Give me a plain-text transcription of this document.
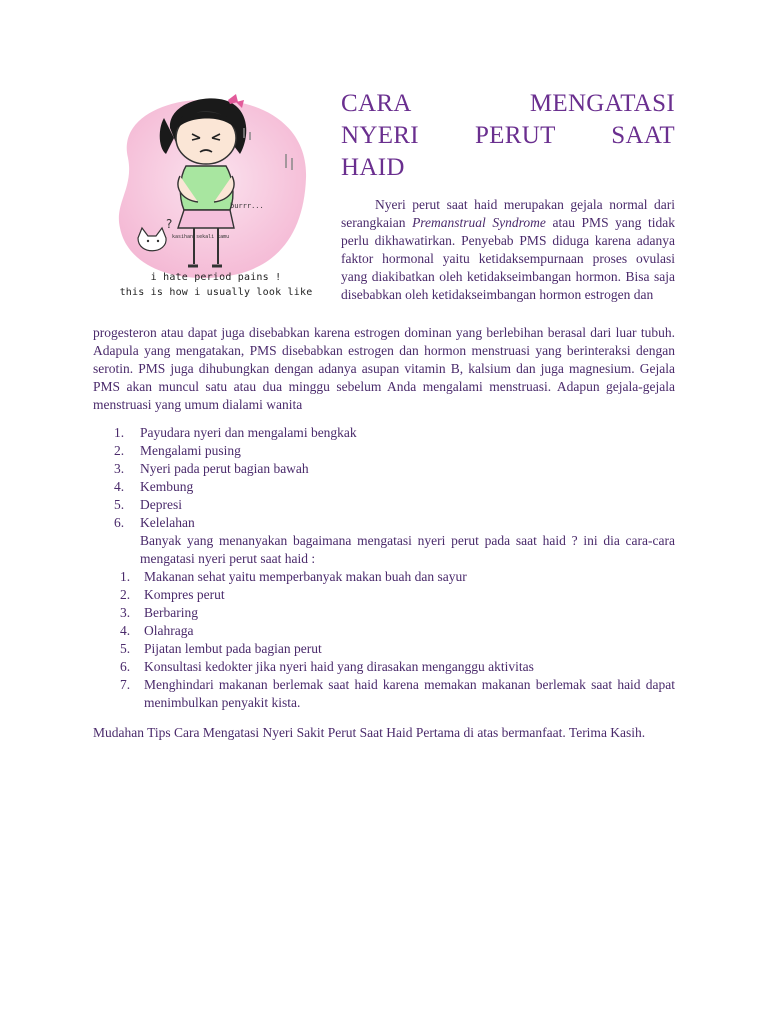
?
kasihan sekali kamu
burrr...
i hate period pains !
this is how i usually look like
CARA MENGATASI
NYERI PERUT SAAT
HAID

Nyeri perut saat haid merupakan gejala normal dari serangkaian Premanstrual Syndrome atau PMS yang tidak perlu dikhawatirkan. Penyebab PMS diduga karena adanya faktor hormonal yaitu ketidaksempurnaan proses ovulasi yang diakibatkan oleh ketidakseimbangan hormon. Bisa saja disebabkan oleh ketidakseimbangan hormon estrogen dan

progesteron atau dapat juga disebabkan karena estrogen dominan yang berlebihan berasal dari luar tubuh. Adapula yang mengatakan, PMS disebabkan estrogen dan hormon menstruasi yang berinteraksi dengan serotin. PMS juga dihubungkan dengan adanya asupan vitamin B, kalsium dan juga magnesium. Gejala PMS akan muncul satu atau dua minggu sebelum Anda mengalami menstruasi. Adapun gejala-gejala menstruasi yang umum dialami wanita

1. Payudara nyeri dan mengalami bengkak
2. Mengalami pusing
3. Nyeri pada perut bagian bawah
4. Kembung
5. Depresi
6. Kelelahan
Banyak yang menanyakan bagaimana mengatasi nyeri perut pada saat haid ? ini dia cara-cara mengatasi nyeri perut saat haid :
1. Makanan sehat yaitu memperbanyak makan buah dan sayur
2. Kompres perut
3. Berbaring
4. Olahraga
5. Pijatan lembut pada bagian perut
6. Konsultasi kedokter jika nyeri haid yang dirasakan menganggu aktivitas
7. Menghindari makanan berlemak saat haid karena memakan makanan berlemak saat haid dapat menimbulkan penyakit kista.
Mudahan Tips Cara Mengatasi Nyeri Sakit Perut Saat Haid Pertama di atas bermanfaat. Terima Kasih.
